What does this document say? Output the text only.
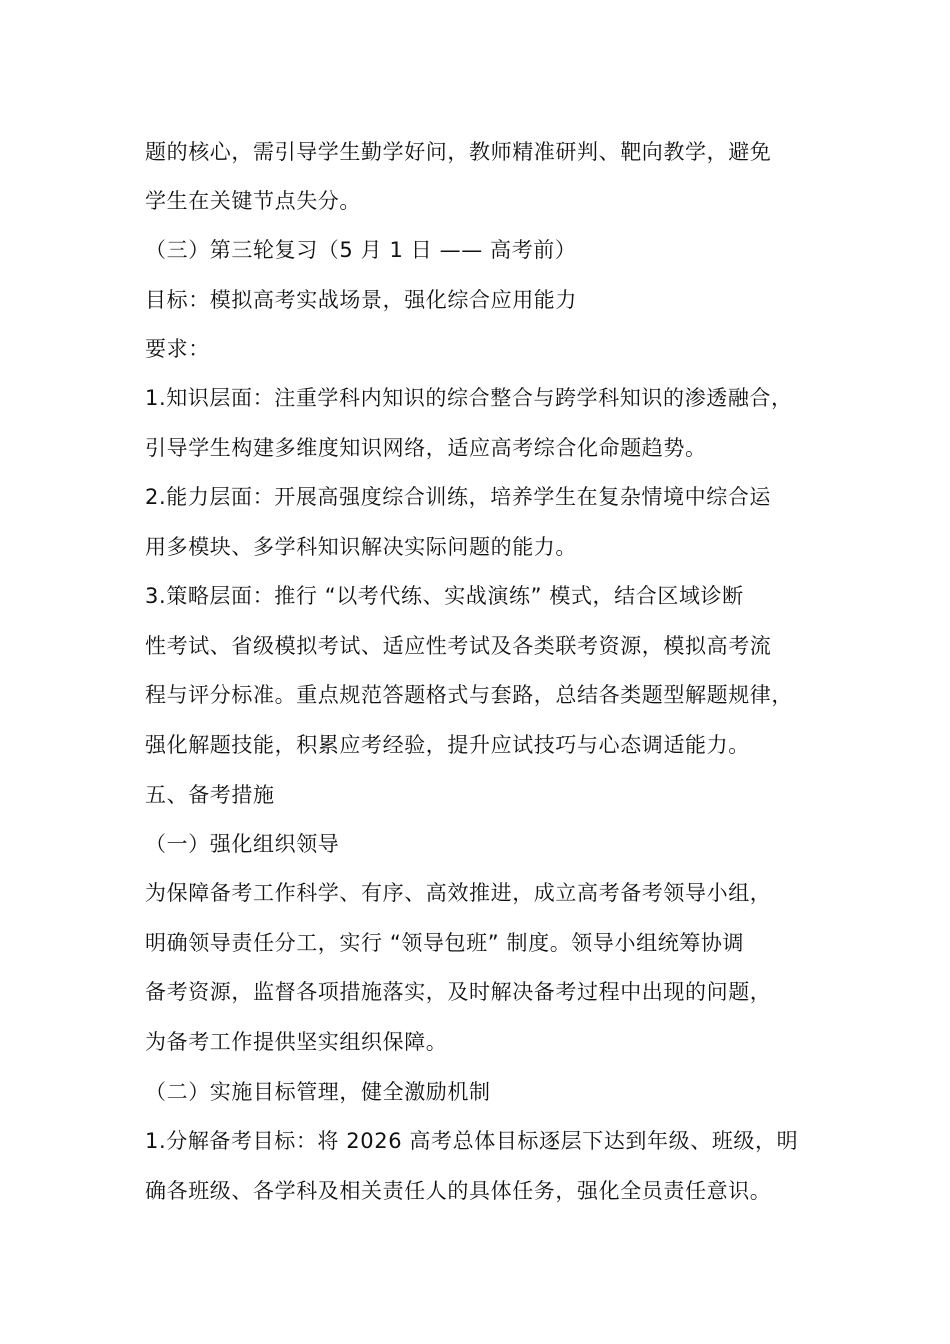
题的核心，需引导学生勤学好问，教师精准研判、靶向教学，避免
学生在关键节点失分。
（三）第三轮复习（5 月 1 日 —— 高考前）
目标：模拟高考实战场景，强化综合应用能力
要求：
1.知识层面：注重学科内知识的综合整合与跨学科知识的渗透融合，
引导学生构建多维度知识网络，适应高考综合化命题趋势。
2.能力层面：开展高强度综合训练，培养学生在复杂情境中综合运
用多模块、多学科知识解决实际问题的能力。
3.策略层面：推行 “以考代练、实战演练” 模式，结合区域诊断
性考试、省级模拟考试、适应性考试及各类联考资源，模拟高考流
程与评分标准。重点规范答题格式与套路，总结各类题型解题规律，
强化解题技能，积累应考经验，提升应试技巧与心态调适能力。
五、备考措施
（一）强化组织领导
为保障备考工作科学、有序、高效推进，成立高考备考领导小组，
明确领导责任分工，实行 “领导包班” 制度。领导小组统筹协调
备考资源，监督各项措施落实，及时解决备考过程中出现的问题，
为备考工作提供坚实组织保障。
（二）实施目标管理，健全激励机制
1.分解备考目标：将 2026 高考总体目标逐层下达到年级、班级，明
确各班级、各学科及相关责任人的具体任务，强化全员责任意识。
